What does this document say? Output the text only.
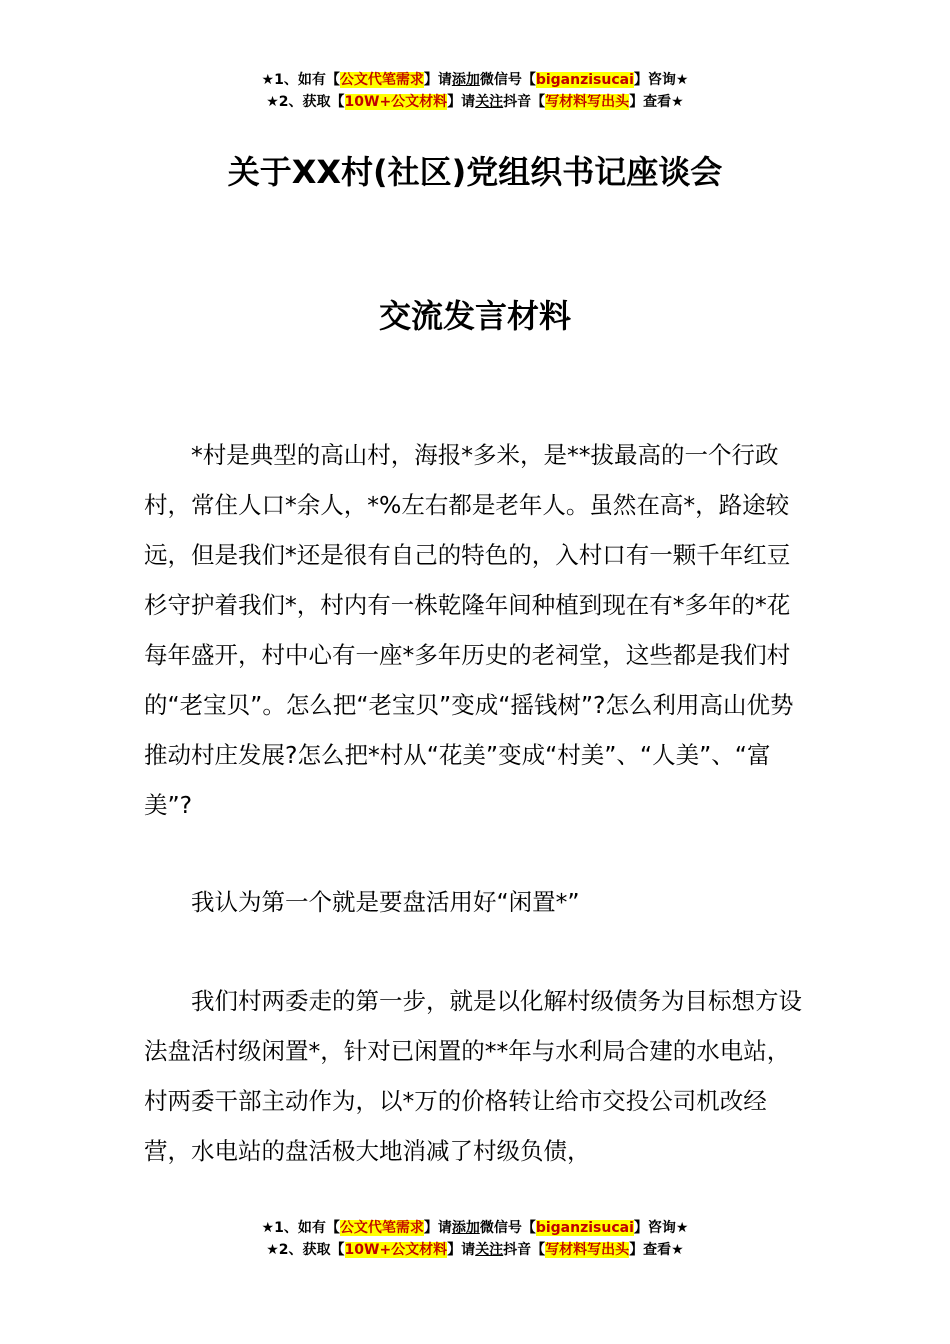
★1、如有【公文代笔需求】请添加微信号【biganzisucai】咨询★
★2、获取【10W+公文材料】请关注抖音【写材料写出头】查看★
关于XX村(社区)党组织书记座谈会
交流发言材料

*村是典型的高山村，海报*多米，是**拔最高的一个行政村，常住人口*余人，*%左右都是老年人。虽然在高*，路途较远，但是我们*还是很有自己的特色的，入村口有一颗千年红豆杉守护着我们*，村内有一株乾隆年间种植到现在有*多年的*花每年盛开，村中心有一座*多年历史的老祠堂，这些都是我们村的“老宝贝”。怎么把“老宝贝”变成“摇钱树”?怎么利用高山优势推动村庄发展?怎么把*村从“花美”变成“村美”、“人美”、“富美”?

我认为第一个就是要盘活用好“闲置*”

我们村两委走的第一步，就是以化解村级债务为目标想方设法盘活村级闲置*，针对已闲置的**年与水利局合建的水电站，村两委干部主动作为，以*万的价格转让给市交投公司机改经营，水电站的盘活极大地消减了村级负债，

★1、如有【公文代笔需求】请添加微信号【biganzisucai】咨询★
★2、获取【10W+公文材料】请关注抖音【写材料写出头】查看★
